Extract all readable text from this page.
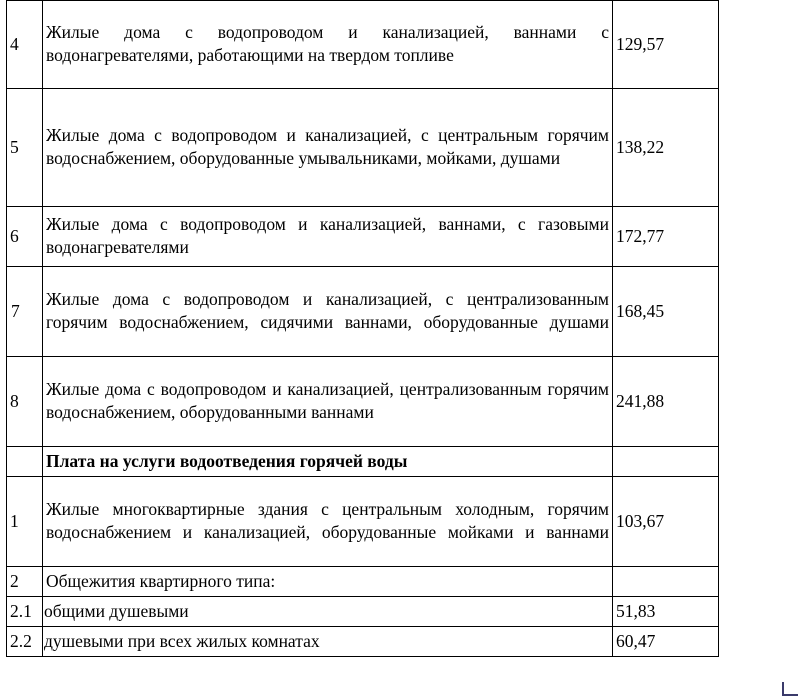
4	Жилые дома с водопроводом и канализацией, ваннами с водонагревателями, работающими на твердом топливе	129,57
5	Жилые дома с водопроводом и канализацией, с центральным горячим водоснабжением, оборудованные умывальниками, мойками, душами	138,22
6	Жилые дома с водопроводом и канализацией, ваннами, с газовыми водонагревателями	172,77
7	Жилые дома с водопроводом и канализацией, с централизованным горячим водоснабжением, сидячими ваннами, оборудованные душами	168,45
8	Жилые дома с водопроводом и канализацией, централизованным горячим водоснабжением, оборудованными ваннами	241,88
	Плата на услуги водоотведения горячей воды	
1	Жилые многоквартирные здания с центральным холодным, горячим водоснабжением и канализацией, оборудованные мойками и ваннами	103,67
2	Общежития квартирного типа:	
2.1	общими душевыми	51,83
2.2	душевыми при всех жилых комнатах	60,47
